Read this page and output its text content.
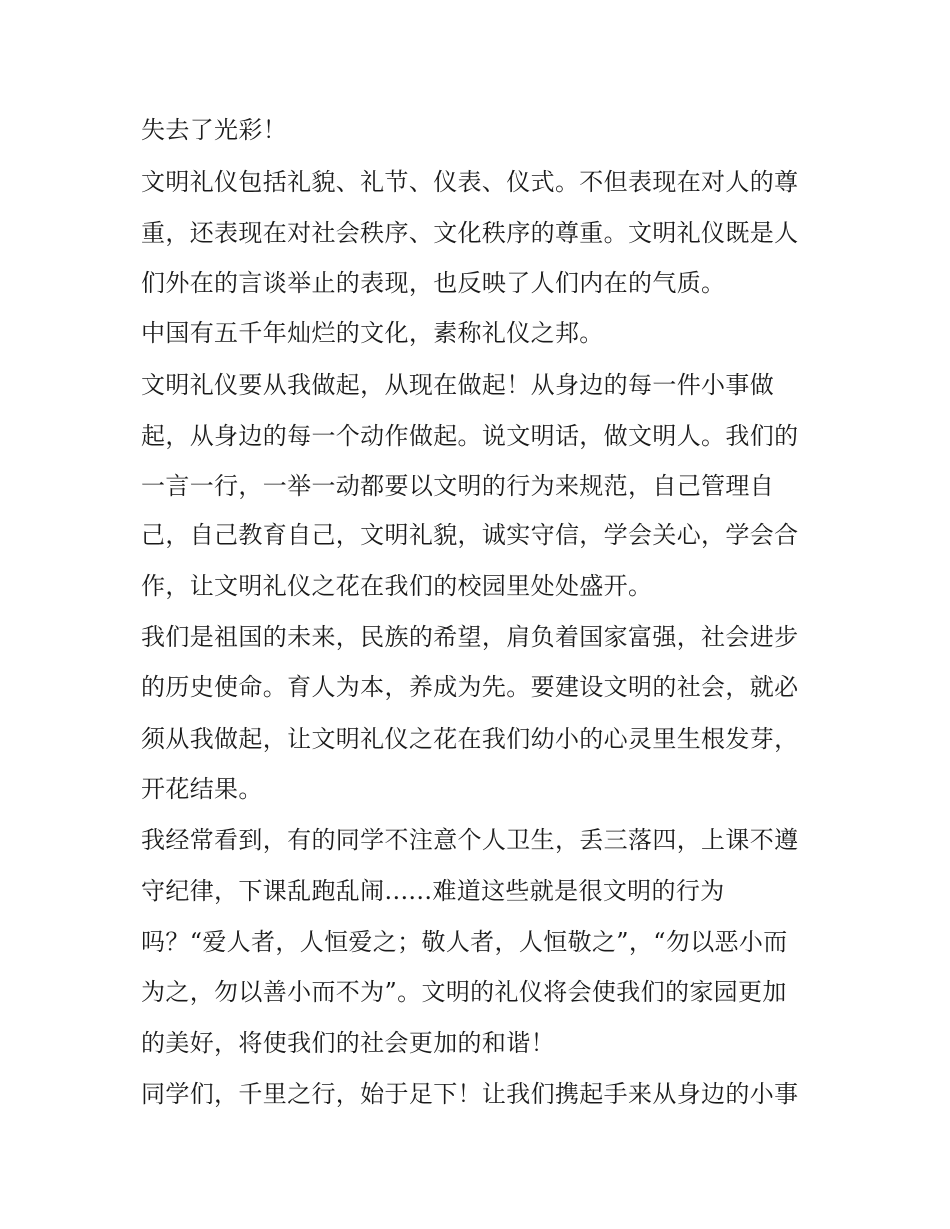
失去了光彩！
文明礼仪包括礼貌、礼节、仪表、仪式。不但表现在对人的尊
重，还表现在对社会秩序、文化秩序的尊重。文明礼仪既是人
们外在的言谈举止的表现，也反映了人们内在的气质。
中国有五千年灿烂的文化，素称礼仪之邦。
文明礼仪要从我做起，从现在做起！从身边的每一件小事做
起，从身边的每一个动作做起。说文明话，做文明人。我们的
一言一行，一举一动都要以文明的行为来规范，自己管理自
己，自己教育自己，文明礼貌，诚实守信，学会关心，学会合
作，让文明礼仪之花在我们的校园里处处盛开。
我们是祖国的未来，民族的希望，肩负着国家富强，社会进步
的历史使命。育人为本，养成为先。要建设文明的社会，就必
须从我做起，让文明礼仪之花在我们幼小的心灵里生根发芽，
开花结果。
我经常看到，有的同学不注意个人卫生，丢三落四，上课不遵
守纪律，下课乱跑乱闹......难道这些就是很文明的行为
吗？“爱人者，人恒爱之；敬人者，人恒敬之”，“勿以恶小而
为之，勿以善小而不为”。文明的礼仪将会使我们的家园更加
的美好，将使我们的社会更加的和谐！
同学们，千里之行，始于足下！让我们携起手来从身边的小事
